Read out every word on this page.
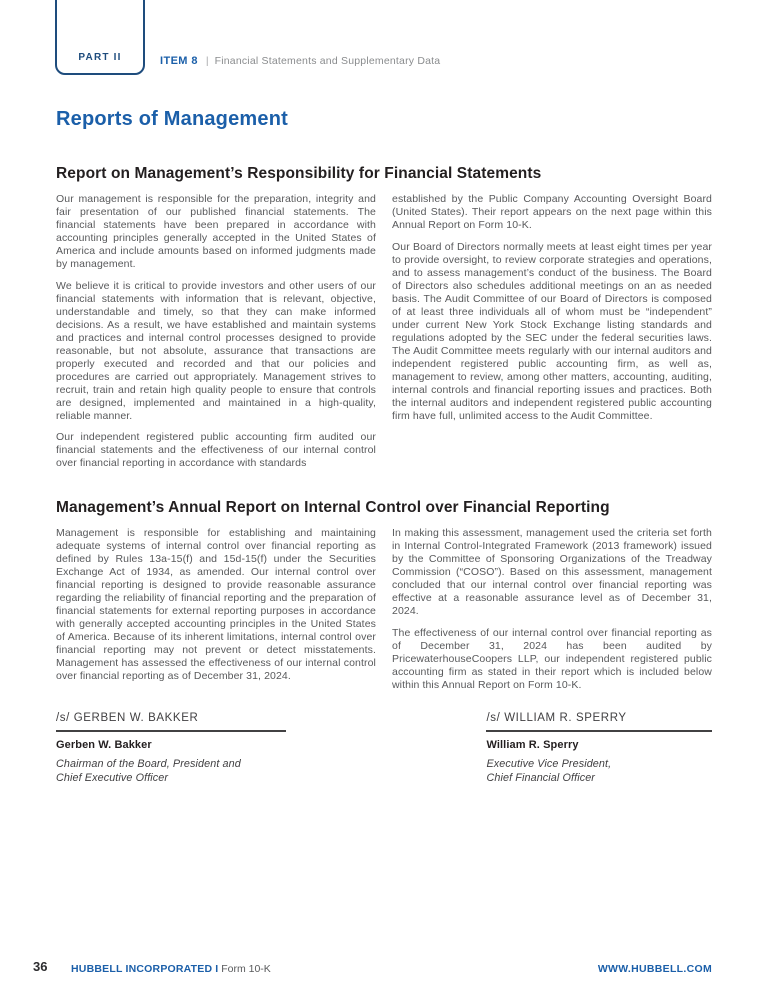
PART II	ITEM 8 | Financial Statements and Supplementary Data
Reports of Management
Report on Management’s Responsibility for Financial Statements

Our management is responsible for the preparation, integrity and fair presentation of our published financial statements. The financial statements have been prepared in accordance with accounting principles generally accepted in the United States of America and include amounts based on informed judgments made by management.

We believe it is critical to provide investors and other users of our financial statements with information that is relevant, objective, understandable and timely, so that they can make informed decisions. As a result, we have established and maintain systems and practices and internal control processes designed to provide reasonable, but not absolute, assurance that transactions are properly executed and recorded and that our policies and procedures are carried out appropriately. Management strives to recruit, train and retain high quality people to ensure that controls are designed, implemented and maintained in a high-quality, reliable manner.

Our independent registered public accounting firm audited our financial statements and the effectiveness of our internal control over financial reporting in accordance with standards

established by the Public Company Accounting Oversight Board (United States). Their report appears on the next page within this Annual Report on Form 10-K.

Our Board of Directors normally meets at least eight times per year to provide oversight, to review corporate strategies and operations, and to assess management’s conduct of the business. The Board of Directors also schedules additional meetings on an as needed basis. The Audit Committee of our Board of Directors is composed of at least three individuals all of whom must be “independent” under current New York Stock Exchange listing standards and regulations adopted by the SEC under the federal securities laws. The Audit Committee meets regularly with our internal auditors and independent registered public accounting firm, as well as, management to review, among other matters, accounting, auditing, internal controls and financial reporting issues and practices. Both the internal auditors and independent registered public accounting firm have full, unlimited access to the Audit Committee.

Management’s Annual Report on Internal Control over Financial Reporting

Management is responsible for establishing and maintaining adequate systems of internal control over financial reporting as defined by Rules 13a-15(f) and 15d-15(f) under the Securities Exchange Act of 1934, as amended. Our internal control over financial reporting is designed to provide reasonable assurance regarding the reliability of financial reporting and the preparation of financial statements for external reporting purposes in accordance with generally accepted accounting principles in the United States of America. Because of its inherent limitations, internal control over financial reporting may not prevent or detect misstatements. Management has assessed the effectiveness of our internal control over financial reporting as of December 31, 2024.

In making this assessment, management used the criteria set forth in Internal Control-Integrated Framework (2013 framework) issued by the Committee of Sponsoring Organizations of the Treadway Commission (“COSO”). Based on this assessment, management concluded that our internal control over financial reporting was effective at a reasonable assurance level as of December 31, 2024.

The effectiveness of our internal control over financial reporting as of December 31, 2024 has been audited by PricewaterhouseCoopers LLP, our independent registered public accounting firm as stated in their report which is included below within this Annual Report on Form 10-K.

/s/ GERBEN W. BAKKER
Gerben W. Bakker
Chairman of the Board, President and
Chief Executive Officer
/s/ WILLIAM R. SPERRY
William R. Sperry
Executive Vice President,
Chief Financial Officer
36 HUBBELL INCORPORATED I Form 10-K	WWW.HUBBELL.COM
